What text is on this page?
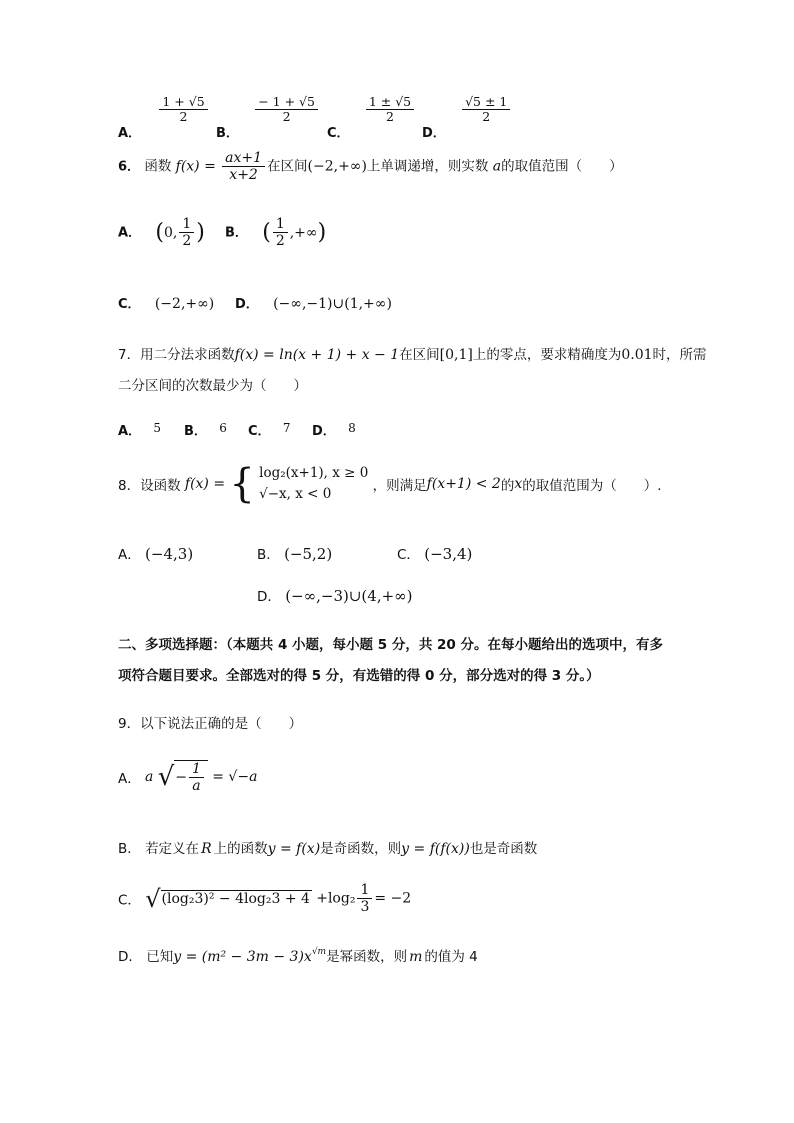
A．
$\frac{1 + √5}{2}$
B．
$\frac{- 1 + √5}{2}$
C．
$\frac{1 \pm √5}{2}$
D．
$\frac{√5 \pm 1}{2}$
6． 函数 $f(x) = \frac{ax+1}{x+2}$ 在区间(−2,+∞)上单调递增，则实数 a的取值范围（　　）
A． (0, $\frac{1}{2}$ ) B． ( $\frac{1}{2}$ ,+∞)
C． (−2,+∞) D． (−∞,−1)∪(1,+∞)
7．用二分法求函数f(x) = ln(x + 1) + x − 1在区间[0,1]上的零点，要求精确度为0.01时，所需
二分区间的次数最少为（　　）
A． 5 B． 6 C． 7 D． 8
8．设函数 f(x) = { log₂(x+1), x ≥ 0
√−x, x < 0	，则满足f(x+1) < 2的x的取值范围为（　　）.
A． (−4,3)	B． (−5,2)	C． (−3,4)
D． (−∞,−3)∪(4,+∞)
二、多项选择题：（本题共 4 小题，每小题 5 分，共 20 分。在每小题给出的选项中，有多
项符合题目要求。全部选对的得 5 分，有选错的得 0 分，部分选对的得 3 分。）
9．以下说法正确的是（　　）
A． a √− $\frac{1}{a} = √-a$
B． 若定义在 R 上的函数y = f(x)是奇函数，则y = f(f(x))也是奇函数
C． $√(\log_23)^2 - 4\log_23 + 4 +\log_2 \frac{1}{3} = -2$
D． 已知$y = (m^2 - 3m - 3)x^{√m}$是幂函数，则 m 的值为 4
